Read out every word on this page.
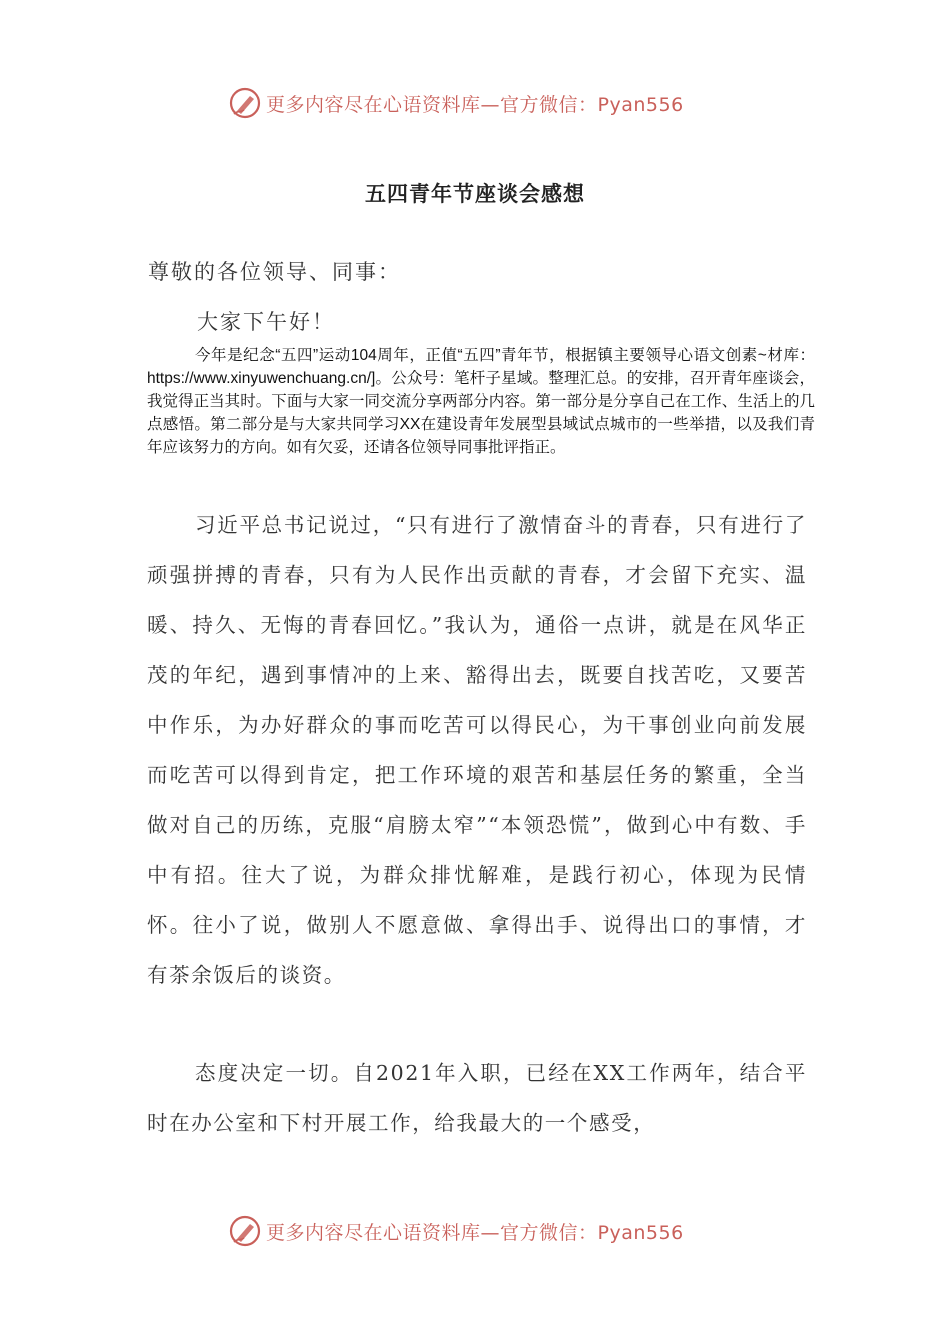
更多内容尽在心语资料库—官方微信：Pyan556
五四青年节座谈会感想
尊敬的各位领导、同事：
大家下午好！
今年是纪念“五四”运动104周年，正值“五四”青年节，根据镇主要领导心语文创素~材库：https://www.xinyuwenchuang.cn/]。公众号：笔杆子星域。整理汇总。的安排，召开青年座谈会，我觉得正当其时。下面与大家一同交流分享两部分内容。第一部分是分享自己在工作、生活上的几点感悟。第二部分是与大家共同学习XX在建设青年发展型县域试点城市的一些举措，以及我们青年应该努力的方向。如有欠妥，还请各位领导同事批评指正。
习近平总书记说过，“只有进行了激情奋斗的青春，只有进行了顽强拼搏的青春，只有为人民作出贡献的青春，才会留下充实、温暖、持久、无悔的青春回忆。”我认为，通俗一点讲，就是在风华正茂的年纪，遇到事情冲的上来、豁得出去，既要自找苦吃，又要苦中作乐，为办好群众的事而吃苦可以得民心，为干事创业向前发展而吃苦可以得到肯定，把工作环境的艰苦和基层任务的繁重，全当做对自己的历练，克服“肩膀太窄”“本领恐慌”，做到心中有数、手中有招。往大了说，为群众排忧解难，是践行初心，体现为民情怀。往小了说，做别人不愿意做、拿得出手、说得出口的事情，才有茶余饭后的谈资。
态度决定一切。自2021年入职，已经在XX工作两年，结合平时在办公室和下村开展工作，给我最大的一个感受，
更多内容尽在心语资料库—官方微信：Pyan556
